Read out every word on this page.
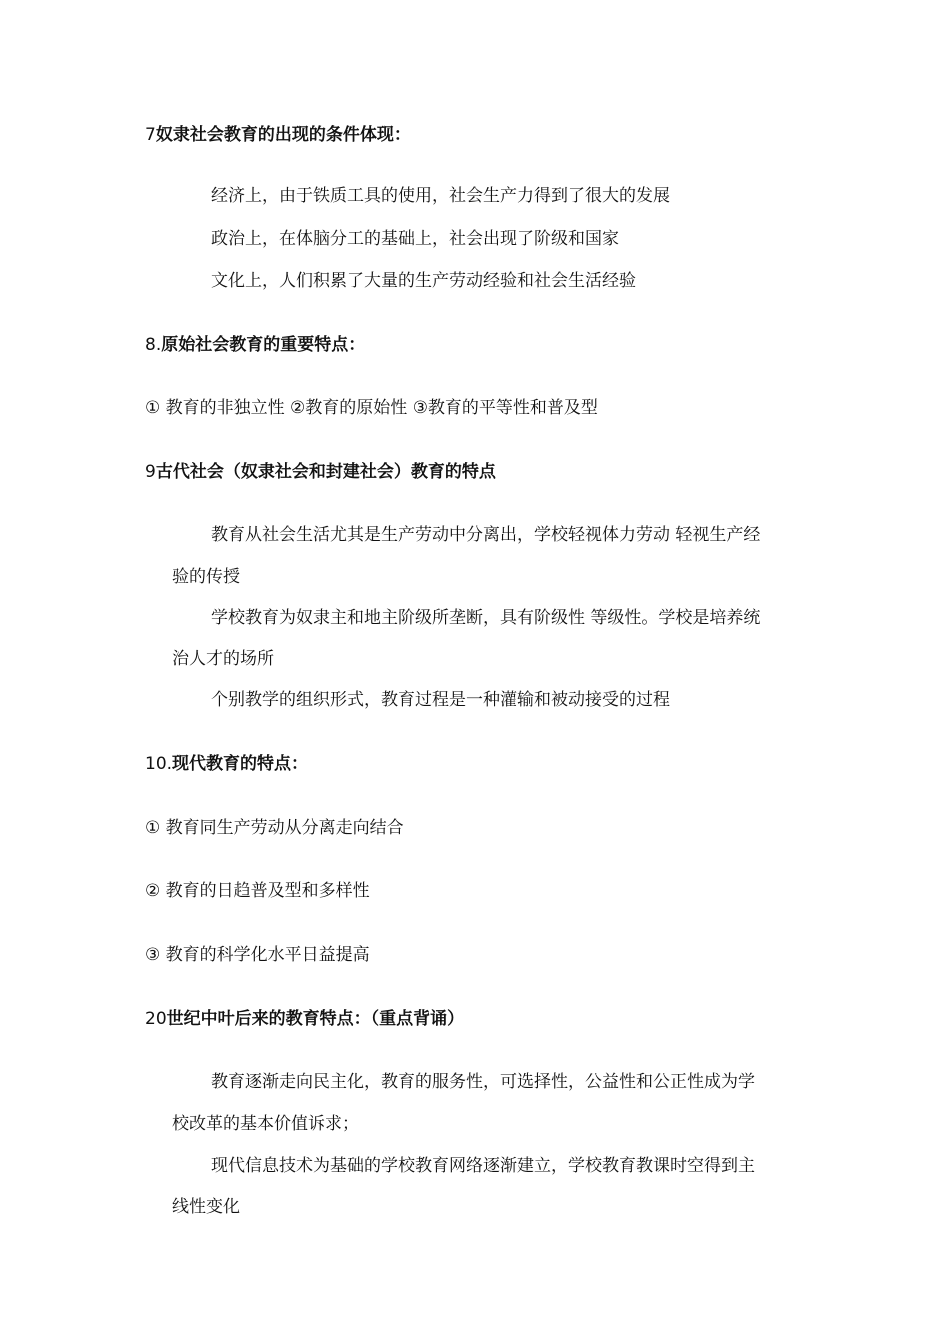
7奴隶社会教育的出现的条件体现：
经济上，由于铁质工具的使用，社会生产力得到了很大的发展
政治上，在体脑分工的基础上，社会出现了阶级和国家
文化上，人们积累了大量的生产劳动经验和社会生活经验
8.原始社会教育的重要特点：
① 教育的非独立性 ②教育的原始性 ③教育的平等性和普及型
9古代社会（奴隶社会和封建社会）教育的特点
教育从社会生活尤其是生产劳动中分离出，学校轻视体力劳动 轻视生产经
验的传授
学校教育为奴隶主和地主阶级所垄断，具有阶级性 等级性。学校是培养统
治人才的场所
个别教学的组织形式，教育过程是一种灌输和被动接受的过程
10.现代教育的特点：
① 教育同生产劳动从分离走向结合
② 教育的日趋普及型和多样性
③ 教育的科学化水平日益提高
20世纪中叶后来的教育特点：（重点背诵）
教育逐渐走向民主化，教育的服务性，可选择性，公益性和公正性成为学
校改革的基本价值诉求；
现代信息技术为基础的学校教育网络逐渐建立，学校教育教课时空得到主
线性变化
